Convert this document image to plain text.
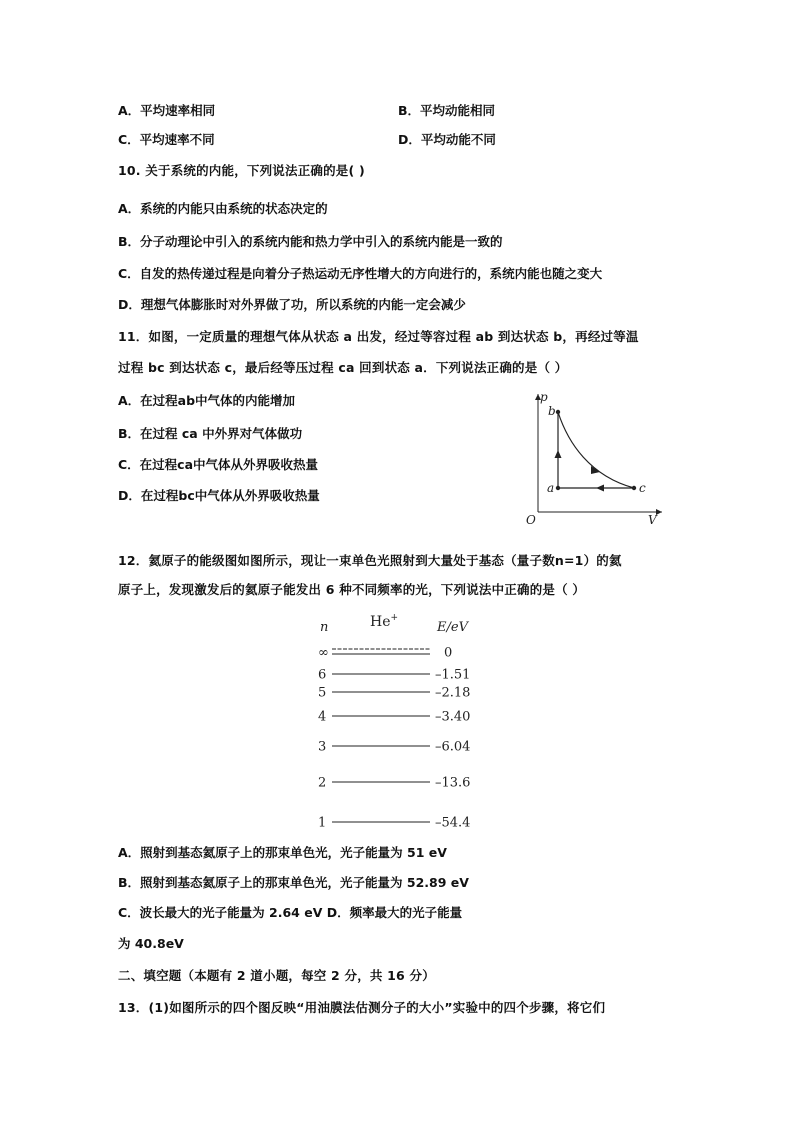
A．平均速率相同	B．平均动能相同
C．平均速率不同	D．平均动能不同
10. 关于系统的内能，下列说法正确的是( )
A．系统的内能只由系统的状态决定的
B．分子动理论中引入的系统内能和热力学中引入的系统内能是一致的
C．自发的热传递过程是向着分子热运动无序性增大的方向进行的，系统内能也随之变大
D．理想气体膨胀时对外界做了功，所以系统的内能一定会减少
11．如图，一定质量的理想气体从状态 a 出发，经过等容过程 ab 到达状态 b，再经过等温
过程 bc 到达状态 c，最后经等压过程 ca 回到状态 a．下列说法正确的是（ ）
A．在过程ab中气体的内能增加
B．在过程 ca 中外界对气体做功
C．在过程ca中气体从外界吸收热量
D．在过程bc中气体从外界吸收热量
p
V
O
a
b
c
12．氦原子的能级图如图所示，现让一束单色光照射到大量处于基态（量子数n=1）的氦
原子上，发现激发后的氦原子能发出 6 种不同频率的光，下列说法中正确的是（ ）
n	He+
E/eV
∞	0
6	–1.51
5	–2.18
4	–3.40
3	–6.04
2	–13.6
1	–54.4
A．照射到基态氦原子上的那束单色光，光子能量为 51 eV
B．照射到基态氦原子上的那束单色光，光子能量为 52.89 eV
C．波长最大的光子能量为 2.64 eV D．频率最大的光子能量
为 40.8eV
二、填空题（本题有 2 道小题，每空 2 分，共 16 分）
13．(1)如图所示的四个图反映“用油膜法估测分子的大小”实验中的四个步骤，将它们
